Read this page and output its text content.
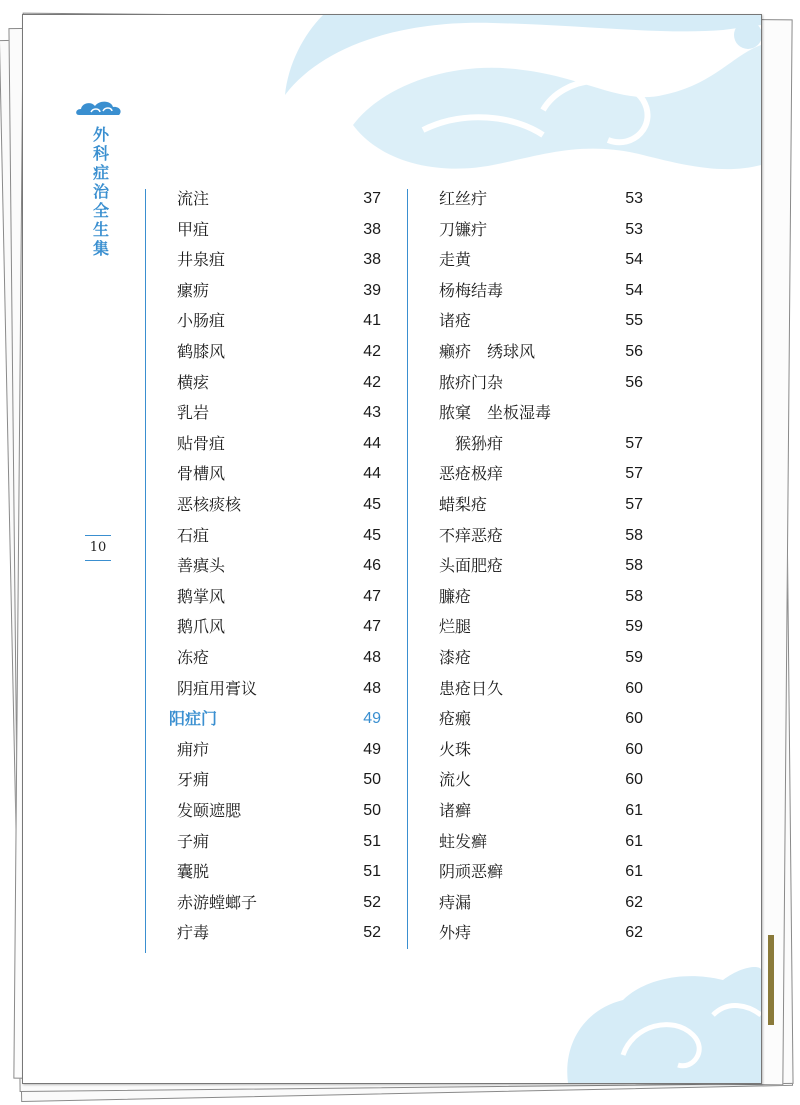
外科症治全生集
10
流注	37
甲疽	38
井泉疽	38
瘰疬	39
小肠疽	41
鹤膝风	42
横痃	42
乳岩	43
贴骨疽	44
骨槽风	44
恶核痰核	45
石疽	45
善瘨头	46
鹅掌风	47
鹅爪风	47
冻疮	48
阴疽用膏议	48
阳症门	49
痈疖	49
牙痈	50
发颐遮腮	50
子痈	51
囊脱	51
赤游螳螂子	52
疔毒	52
红丝疔	53
刀镰疔	53
走黄	54
杨梅结毒	54
诸疮	55
癞疥　绣球风	56
脓疥门杂	56
脓窠　坐板湿毒
猴狲疳	57
恶疮极痒	57
蜡梨疮	57
不痒恶疮	58
头面肥疮	58
臁疮	58
烂腿	59
漆疮	59
患疮日久	60
疮瘢	60
火珠	60
流火	60
诸癣	61
蛀发癣	61
阴顽恶癣	61
痔漏	62
外痔	62
